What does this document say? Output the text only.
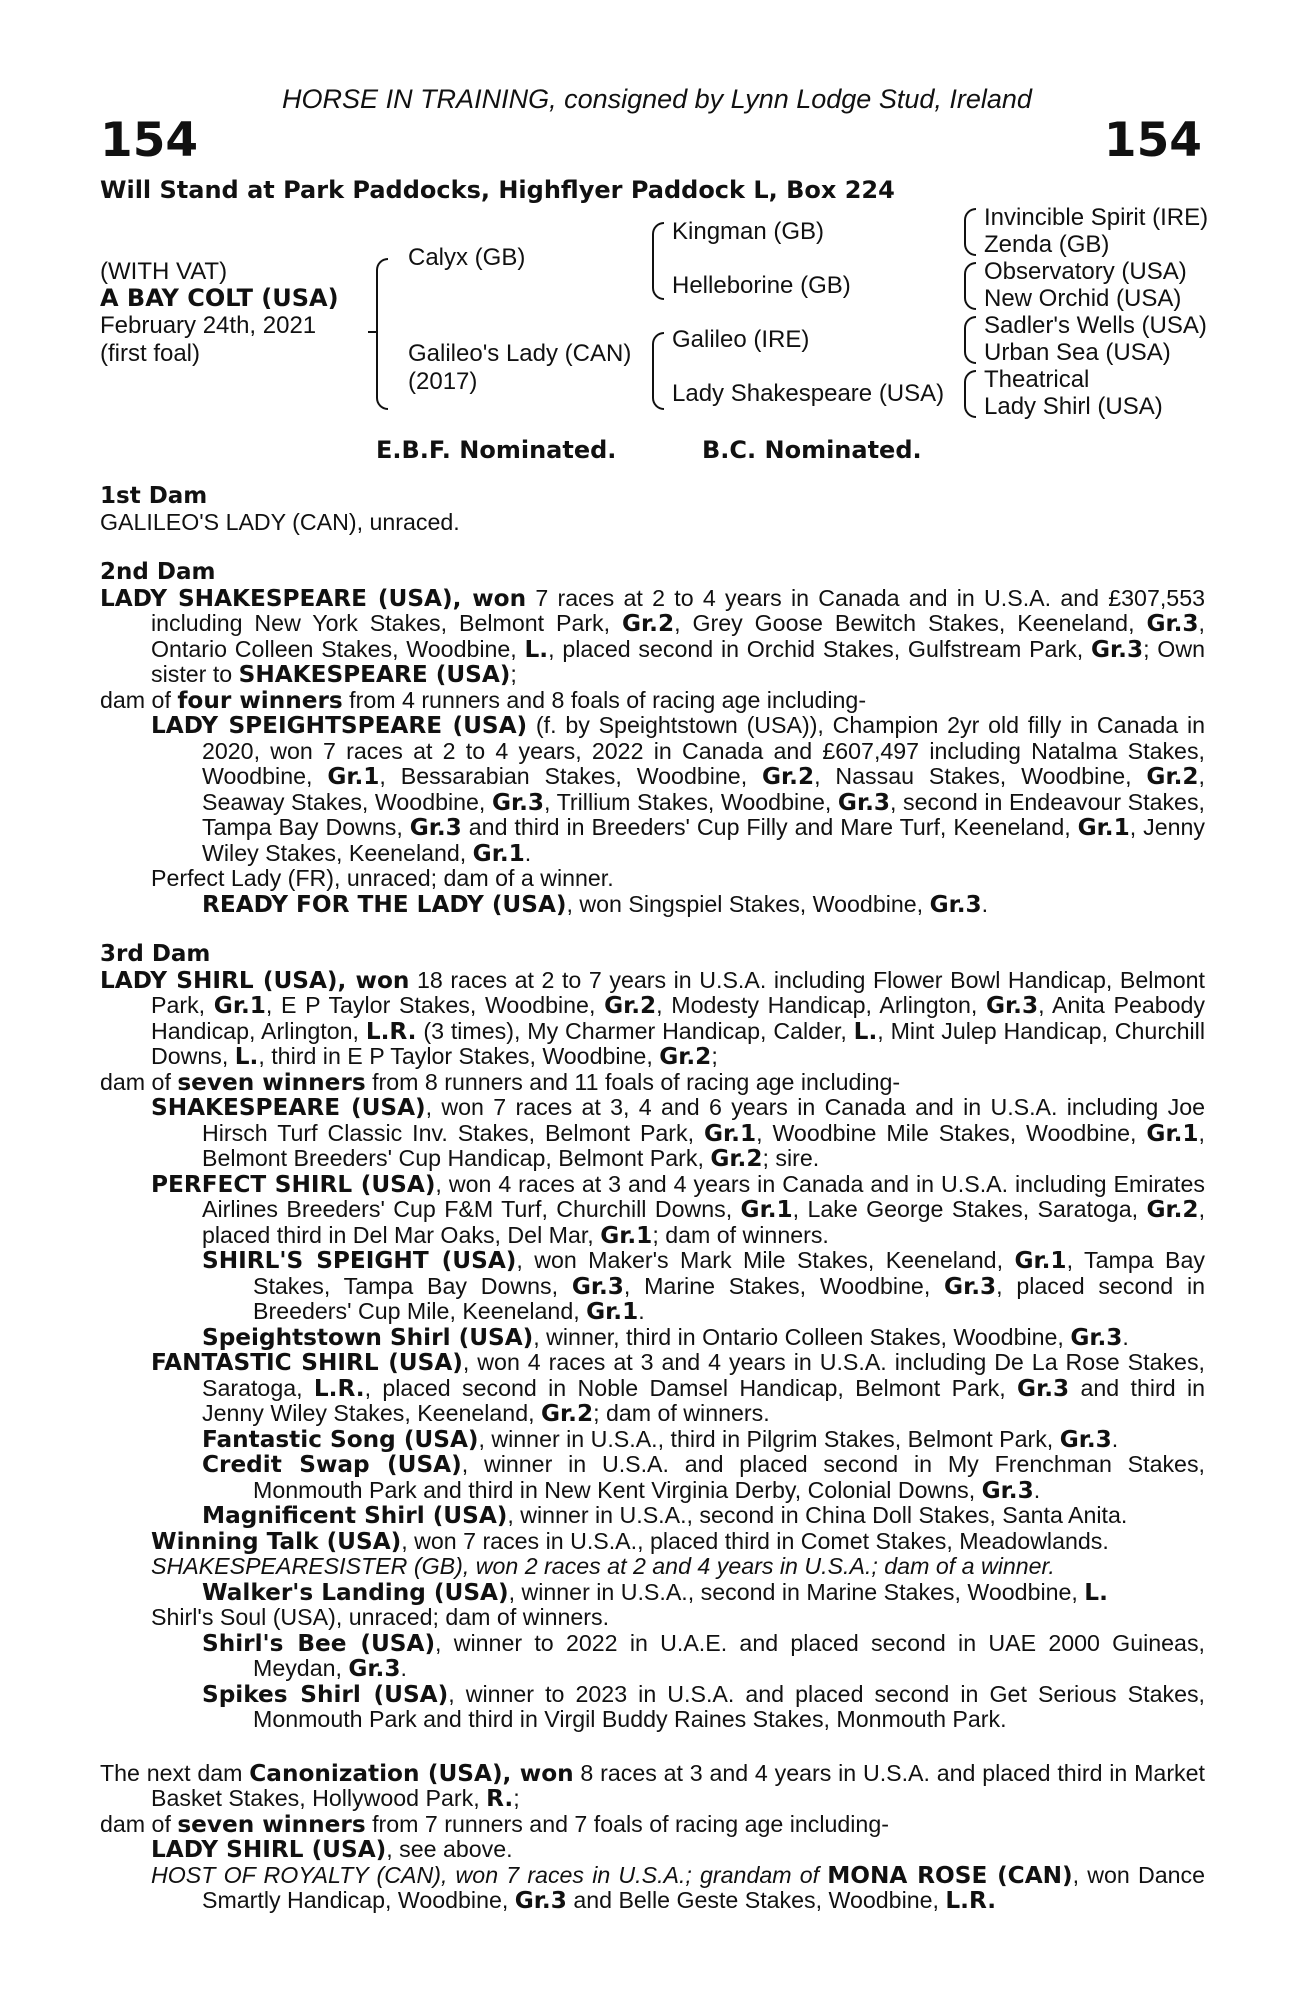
HORSE IN TRAINING, consigned by Lynn Lodge Stud, Ireland
154	154
Will Stand at Park Paddocks, Highflyer Paddock L, Box 224
(WITH VAT)
A BAY COLT (USA)
February 24th, 2021
(first foal)
Calyx (GB)
Galileo's Lady (CAN)
(2017)
Kingman (GB)
Helleborine (GB)
Galileo (IRE)
Lady Shakespeare (USA)
Invincible Spirit (IRE)
Zenda (GB)
Observatory (USA)
New Orchid (USA)
Sadler's Wells (USA)
Urban Sea (USA)
Theatrical
Lady Shirl (USA)
E.B.F. Nominated.	B.C. Nominated.
1st Dam

GALILEO'S LADY (CAN), unraced.

2nd Dam

LADY SHAKESPEARE (USA), won 7 races at 2 to 4 years in Canada and in U.S.A. and £307,553 including New York Stakes, Belmont Park, Gr.2, Grey Goose Bewitch Stakes, Keeneland, Gr.3, Ontario Colleen Stakes, Woodbine, L., placed second in Orchid Stakes, Gulfstream Park, Gr.3; Own sister to SHAKESPEARE (USA);

dam of four winners from 4 runners and 8 foals of racing age including-

LADY SPEIGHTSPEARE (USA) (f. by Speightstown (USA)), Champion 2yr old filly in Canada in 2020, won 7 races at 2 to 4 years, 2022 in Canada and £607,497 including Natalma Stakes, Woodbine, Gr.1, Bessarabian Stakes, Woodbine, Gr.2, Nassau Stakes, Woodbine, Gr.2, Seaway Stakes, Woodbine, Gr.3, Trillium Stakes, Woodbine, Gr.3, second in Endeavour Stakes, Tampa Bay Downs, Gr.3 and third in Breeders' Cup Filly and Mare Turf, Keeneland, Gr.1, Jenny Wiley Stakes, Keeneland, Gr.1.

Perfect Lady (FR), unraced; dam of a winner.

READY FOR THE LADY (USA), won Singspiel Stakes, Woodbine, Gr.3.

3rd Dam

LADY SHIRL (USA), won 18 races at 2 to 7 years in U.S.A. including Flower Bowl Handicap, Belmont Park, Gr.1, E P Taylor Stakes, Woodbine, Gr.2, Modesty Handicap, Arlington, Gr.3, Anita Peabody Handicap, Arlington, L.R. (3 times), My Charmer Handicap, Calder, L., Mint Julep Handicap, Churchill Downs, L., third in E P Taylor Stakes, Woodbine, Gr.2;

dam of seven winners from 8 runners and 11 foals of racing age including-

SHAKESPEARE (USA), won 7 races at 3, 4 and 6 years in Canada and in U.S.A. including Joe Hirsch Turf Classic Inv. Stakes, Belmont Park, Gr.1, Woodbine Mile Stakes, Woodbine, Gr.1, Belmont Breeders' Cup Handicap, Belmont Park, Gr.2; sire.

PERFECT SHIRL (USA), won 4 races at 3 and 4 years in Canada and in U.S.A. including Emirates Airlines Breeders' Cup F&M Turf, Churchill Downs, Gr.1, Lake George Stakes, Saratoga, Gr.2, placed third in Del Mar Oaks, Del Mar, Gr.1; dam of winners.

SHIRL'S SPEIGHT (USA), won Maker's Mark Mile Stakes, Keeneland, Gr.1, Tampa Bay Stakes, Tampa Bay Downs, Gr.3, Marine Stakes, Woodbine, Gr.3, placed second in Breeders' Cup Mile, Keeneland, Gr.1.

Speightstown Shirl (USA), winner, third in Ontario Colleen Stakes, Woodbine, Gr.3.

FANTASTIC SHIRL (USA), won 4 races at 3 and 4 years in U.S.A. including De La Rose Stakes, Saratoga, L.R., placed second in Noble Damsel Handicap, Belmont Park, Gr.3 and third in Jenny Wiley Stakes, Keeneland, Gr.2; dam of winners.

Fantastic Song (USA), winner in U.S.A., third in Pilgrim Stakes, Belmont Park, Gr.3.

Credit Swap (USA), winner in U.S.A. and placed second in My Frenchman Stakes, Monmouth Park and third in New Kent Virginia Derby, Colonial Downs, Gr.3.

Magnificent Shirl (USA), winner in U.S.A., second in China Doll Stakes, Santa Anita.

Winning Talk (USA), won 7 races in U.S.A., placed third in Comet Stakes, Meadowlands.

SHAKESPEARESISTER (GB), won 2 races at 2 and 4 years in U.S.A.; dam of a winner.

Walker's Landing (USA), winner in U.S.A., second in Marine Stakes, Woodbine, L.

Shirl's Soul (USA), unraced; dam of winners.

Shirl's Bee (USA), winner to 2022 in U.A.E. and placed second in UAE 2000 Guineas, Meydan, Gr.3.

Spikes Shirl (USA), winner to 2023 in U.S.A. and placed second in Get Serious Stakes, Monmouth Park and third in Virgil Buddy Raines Stakes, Monmouth Park.

The next dam Canonization (USA), won 8 races at 3 and 4 years in U.S.A. and placed third in Market Basket Stakes, Hollywood Park, R.;

dam of seven winners from 7 runners and 7 foals of racing age including-

LADY SHIRL (USA), see above.

HOST OF ROYALTY (CAN), won 7 races in U.S.A.; grandam of MONA ROSE (CAN), won Dance Smartly Handicap, Woodbine, Gr.3 and Belle Geste Stakes, Woodbine, L.R.
